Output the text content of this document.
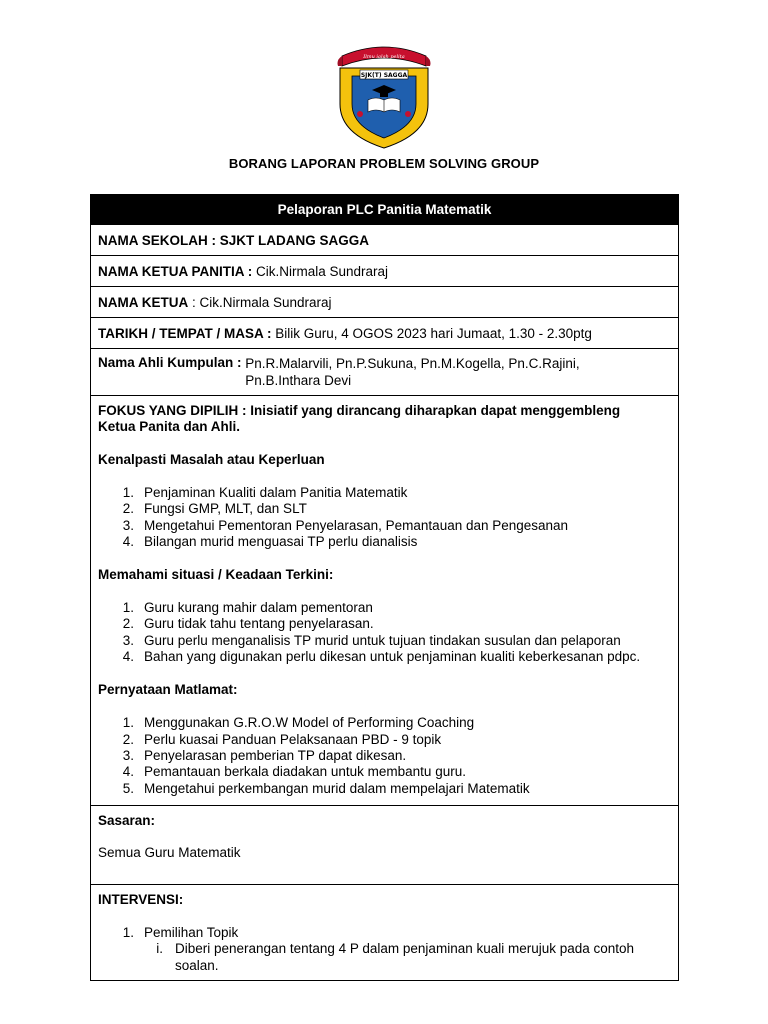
Ilmu ialah pelita
SJK(T) SAGGA
BORANG LAPORAN PROBLEM SOLVING GROUP
Pelaporan PLC Panitia Matematik
NAMA SEKOLAH : SJKT LADANG SAGGA
NAMA KETUA PANITIA : Cik.Nirmala Sundraraj
NAMA KETUA : Cik.Nirmala Sundraraj
TARIKH / TEMPAT / MASA : Bilik Guru, 4 OGOS 2023 hari Jumaat, 1.30 - 2.30ptg
Nama Ahli Kumpulan : Pn.R.Malarvili, Pn.P.Sukuna, Pn.M.Kogella, Pn.C.Rajini,
Pn.B.Inthara Devi

FOKUS YANG DIPILIH : Inisiatif yang dirancang diharapkan dapat menggembleng

Ketua Panita dan Ahli.

Kenalpasti Masalah atau Keperluan

1. Penjaminan Kualiti dalam Panitia Matematik
2. Fungsi GMP, MLT, dan SLT
3. Mengetahui Pementoran Penyelarasan, Pemantauan dan Pengesanan
4. Bilangan murid menguasai TP perlu dianalisis

Memahami situasi / Keadaan Terkini:

1. Guru kurang mahir dalam pementoran
2. Guru tidak tahu tentang penyelarasan.
3. Guru perlu menganalisis TP murid untuk tujuan tindakan susulan dan pelaporan
4. Bahan yang digunakan perlu dikesan untuk penjaminan kualiti keberkesanan pdpc.

Pernyataan Matlamat:

1. Menggunakan G.R.O.W Model of Performing Coaching
2. Perlu kuasai Panduan Pelaksanaan PBD - 9 topik
3. Penyelarasan pemberian TP dapat dikesan.
4. Pemantauan berkala diadakan untuk membantu guru.
5. Mengetahui perkembangan murid dalam mempelajari Matematik

Sasaran:

Semua Guru Matematik

INTERVENSI:

1. Pemilihan Topik
i. Diberi penerangan tentang 4 P dalam penjaminan kuali merujuk pada contoh soalan.
